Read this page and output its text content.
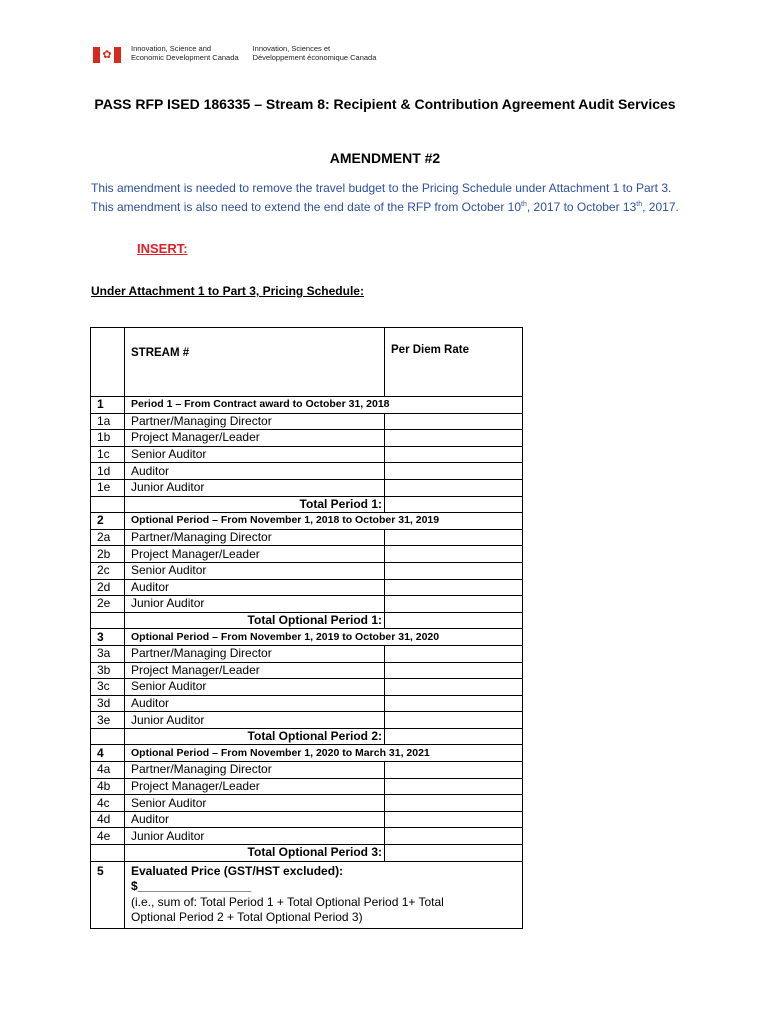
✿	Innovation, Science and
Economic Development Canada
Innovation, Sciences et
Développement économique Canada
PASS RFP ISED 186335 – Stream 8: Recipient & Contribution Agreement Audit Services
AMENDMENT #2
This amendment is needed to remove the travel budget to the Pricing Schedule under Attachment 1 to Part 3. This amendment is also need to extend the end date of the RFP from October 10th, 2017 to October 13th, 2017.
INSERT:
Under Attachment 1 to Part 3, Pricing Schedule:
	STREAM #	Per Diem Rate
1	Period 1 – From Contract award to October 31, 2018	
1a	Partner/Managing Director	
1b	Project Manager/Leader	
1c	Senior Auditor	
1d	Auditor	
1e	Junior Auditor	
	Total Period 1:	
2	Optional Period – From November 1, 2018 to October 31, 2019	
2a	Partner/Managing Director	
2b	Project Manager/Leader	
2c	Senior Auditor	
2d	Auditor	
2e	Junior Auditor	
	Total Optional Period 1:	
3	Optional Period – From November 1, 2019 to October 31, 2020	
3a	Partner/Managing Director	
3b	Project Manager/Leader	
3c	Senior Auditor	
3d	Auditor	
3e	Junior Auditor	
	Total Optional Period 2:	
4	Optional Period – From November 1, 2020 to March 31, 2021	
4a	Partner/Managing Director	
4b	Project Manager/Leader	
4c	Senior Auditor	
4d	Auditor	
4e	Junior Auditor	
	Total Optional Period 3:	
5	Evaluated Price (GST/HST excluded):
$_________________
(i.e., sum of: Total Period 1 + Total Optional Period 1+ Total Optional Period 2 + Total Optional Period 3)	
